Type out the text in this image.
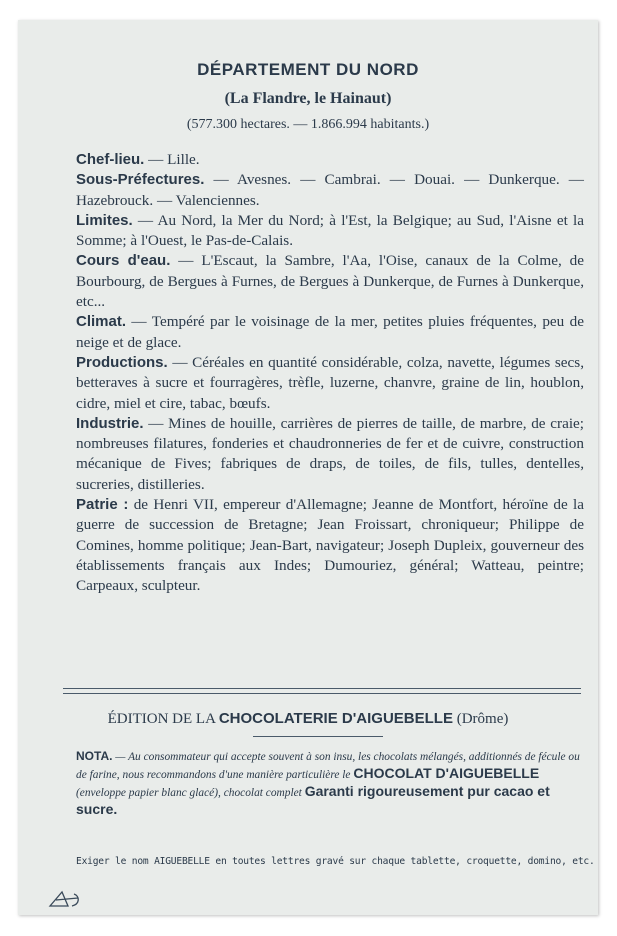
DÉPARTEMENT DU NORD
(La Flandre, le Hainaut)
(577.300 hectares. — 1.866.994 habitants.)

Chef-lieu. — Lille.

Sous-Préfectures. — Avesnes. — Cambrai. — Douai. — Dunkerque. — Hazebrouck. — Valenciennes.

Limites. — Au Nord, la Mer du Nord; à l'Est, la Belgique; au Sud, l'Aisne et la Somme; à l'Ouest, le Pas-de-Calais.

Cours d'eau. — L'Escaut, la Sambre, l'Aa, l'Oise, canaux de la Colme, de Bourbourg, de Bergues à Furnes, de Bergues à Dunkerque, de Furnes à Dunkerque, etc...

Climat. — Tempéré par le voisinage de la mer, petites pluies fréquentes, peu de neige et de glace.

Productions. — Céréales en quantité considérable, colza, navette, légumes secs, betteraves à sucre et fourragères, trèfle, luzerne, chanvre, graine de lin, houblon, cidre, miel et cire, tabac, bœufs.

Industrie. — Mines de houille, carrières de pierres de taille, de marbre, de craie; nombreuses filatures, fonderies et chaudronneries de fer et de cuivre, construction mécanique de Fives; fabriques de draps, de toiles, de fils, tulles, dentelles, sucreries, distilleries.

Patrie : de Henri VII, empereur d'Allemagne; Jeanne de Montfort, héroïne de la guerre de succession de Bretagne; Jean Froissart, chroniqueur; Philippe de Comines, homme politique; Jean-Bart, navigateur; Joseph Dupleix, gouverneur des établissements français aux Indes; Dumouriez, général; Watteau, peintre; Carpeaux, sculpteur.

ÉDITION DE LA CHOCOLATERIE D'AIGUEBELLE (Drôme)
NOTA. — Au consommateur qui accepte souvent à son insu, les chocolats mélangés, additionnés de fécule ou de farine, nous recommandons d'une manière particulière le CHOCOLAT D'AIGUEBELLE (enveloppe papier blanc glacé), chocolat complet Garanti rigoureusement pur cacao et sucre.
Exiger le nom AIGUEBELLE en toutes lettres gravé sur chaque tablette, croquette, domino, etc.
